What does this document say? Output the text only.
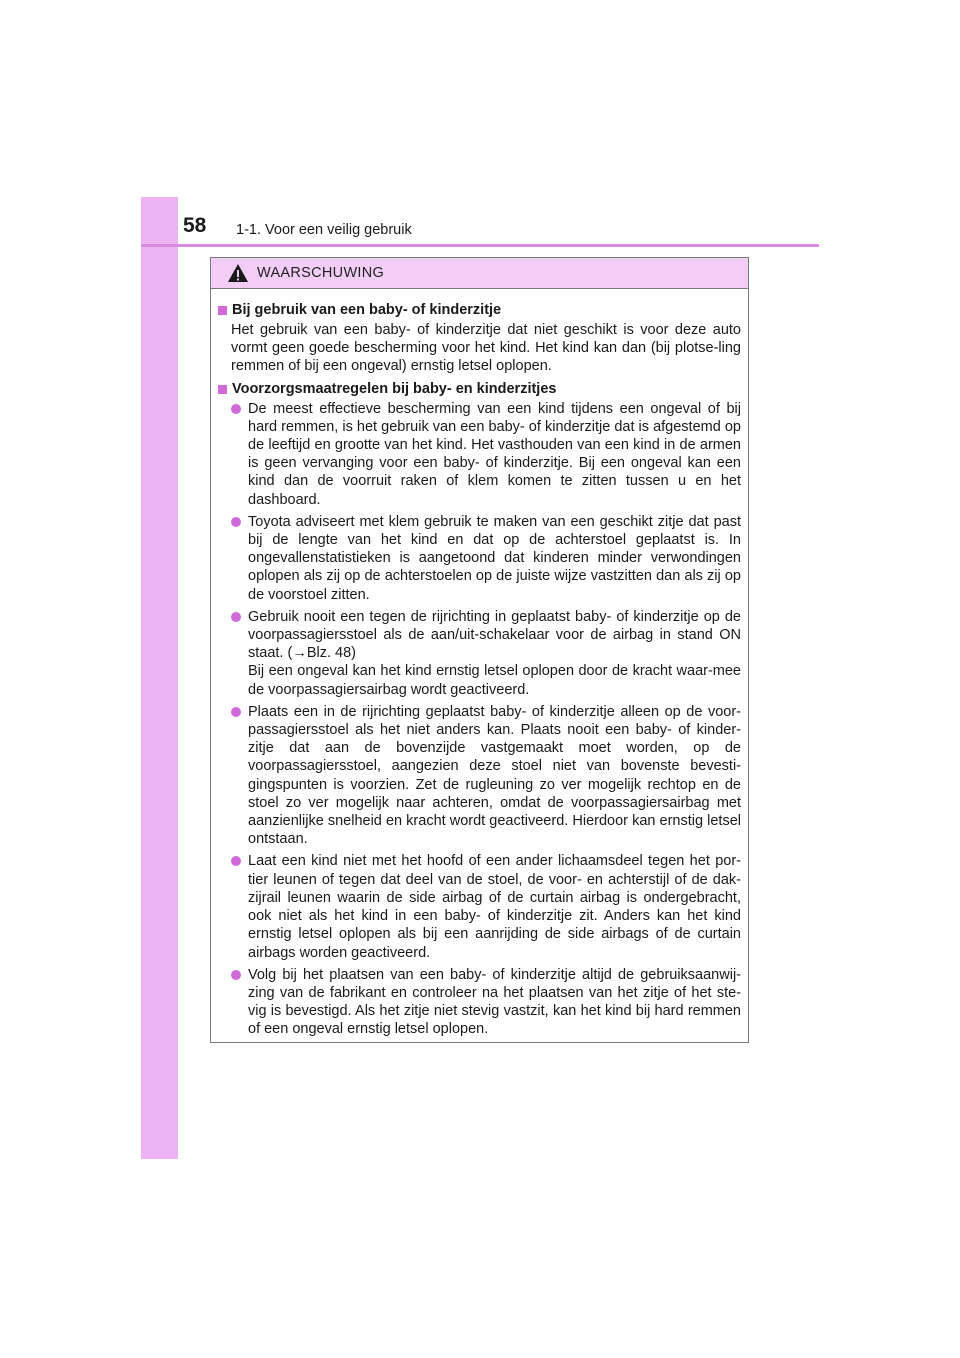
58 1-1. Voor een veilig gebruik
WAARSCHUWING
Bij gebruik van een baby- of kinderzitje

Het gebruik van een baby- of kinderzitje dat niet geschikt is voor deze auto vormt geen goede bescherming voor het kind. Het kind kan dan (bij plotse-ling remmen of bij een ongeval) ernstig letsel oplopen.

Voorzorgsmaatregelen bij baby- en kinderzitjes
De meest effectieve bescherming van een kind tijdens een ongeval of bij hard remmen, is het gebruik van een baby- of kinderzitje dat is afgestemd op de leeftijd en grootte van het kind. Het vasthouden van een kind in de armen is geen vervanging voor een baby- of kinderzitje. Bij een ongeval kan een kind dan de voorruit raken of klem komen te zitten tussen u en het dashboard.
Toyota adviseert met klem gebruik te maken van een geschikt zitje dat past bij de lengte van het kind en dat op de achterstoel geplaatst is. In ongevallenstatistieken is aangetoond dat kinderen minder verwondingen oplopen als zij op de achterstoelen op de juiste wijze vastzitten dan als zij op de voorstoel zitten.
Gebruik nooit een tegen de rijrichting in geplaatst baby- of kinderzitje op de voorpassagiersstoel als de aan/uit-schakelaar voor de airbag in stand ON staat. (→Blz. 48)
Bij een ongeval kan het kind ernstig letsel oplopen door de kracht waar-mee de voorpassagiersairbag wordt geactiveerd.
Plaats een in de rijrichting geplaatst baby- of kinderzitje alleen op de voor-passagiersstoel als het niet anders kan. Plaats nooit een baby- of kinder-zitje dat aan de bovenzijde vastgemaakt moet worden, op de voorpassagiersstoel, aangezien deze stoel niet van bovenste bevesti-gingspunten is voorzien. Zet de rugleuning zo ver mogelijk rechtop en de stoel zo ver mogelijk naar achteren, omdat de voorpassagiersairbag met aanzienlijke snelheid en kracht wordt geactiveerd. Hierdoor kan ernstig letsel ontstaan.
Laat een kind niet met het hoofd of een ander lichaamsdeel tegen het por-tier leunen of tegen dat deel van de stoel, de voor- en achterstijl of de dak-zijrail leunen waarin de side airbag of de curtain airbag is ondergebracht, ook niet als het kind in een baby- of kinderzitje zit. Anders kan het kind ernstig letsel oplopen als bij een aanrijding de side airbags of de curtain airbags worden geactiveerd.
Volg bij het plaatsen van een baby- of kinderzitje altijd de gebruiksaanwij-zing van de fabrikant en controleer na het plaatsen van het zitje of het ste-vig is bevestigd. Als het zitje niet stevig vastzit, kan het kind bij hard remmen of een ongeval ernstig letsel oplopen.
